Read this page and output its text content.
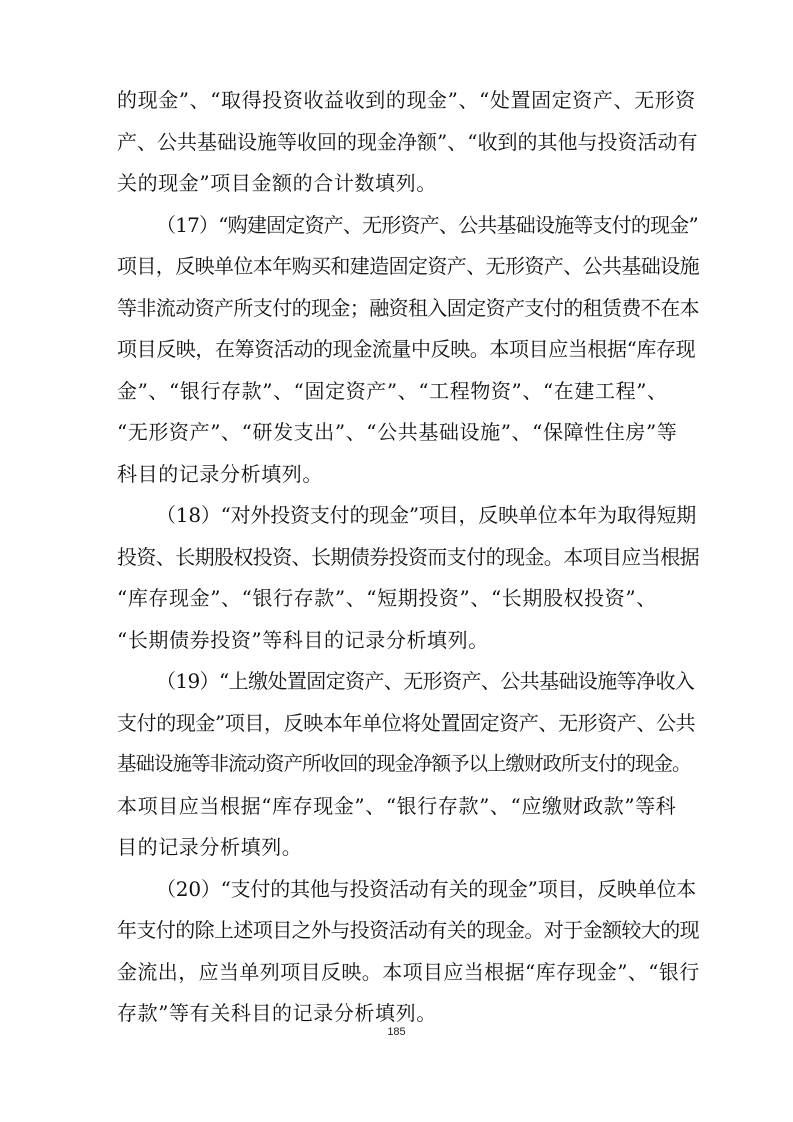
的现金”、“取得投资收益收到的现金”、“处置固定资产、无形资
产、公共基础设施等收回的现金净额”、“收到的其他与投资活动有
关的现金”项目金额的合计数填列。
（17）“购建固定资产、无形资产、公共基础设施等支付的现金”
项目，反映单位本年购买和建造固定资产、无形资产、公共基础设施
等非流动资产所支付的现金；融资租入固定资产支付的租赁费不在本
项目反映，在筹资活动的现金流量中反映。本项目应当根据“库存现
金”、“银行存款”、“固定资产”、“工程物资”、“在建工程”、
“无形资产”、“研发支出”、“公共基础设施”、“保障性住房”等
科目的记录分析填列。
（18）“对外投资支付的现金”项目，反映单位本年为取得短期
投资、长期股权投资、长期债券投资而支付的现金。本项目应当根据
“库存现金”、“银行存款”、“短期投资”、“长期股权投资”、
“长期债券投资”等科目的记录分析填列。
（19）“上缴处置固定资产、无形资产、公共基础设施等净收入
支付的现金”项目，反映本年单位将处置固定资产、无形资产、公共
基础设施等非流动资产所收回的现金净额予以上缴财政所支付的现金。
本项目应当根据“库存现金”、“银行存款”、“应缴财政款”等科
目的记录分析填列。
（20）“支付的其他与投资活动有关的现金”项目，反映单位本
年支付的除上述项目之外与投资活动有关的现金。对于金额较大的现
金流出，应当单列项目反映。本项目应当根据“库存现金”、“银行
存款”等有关科目的记录分析填列。
185
